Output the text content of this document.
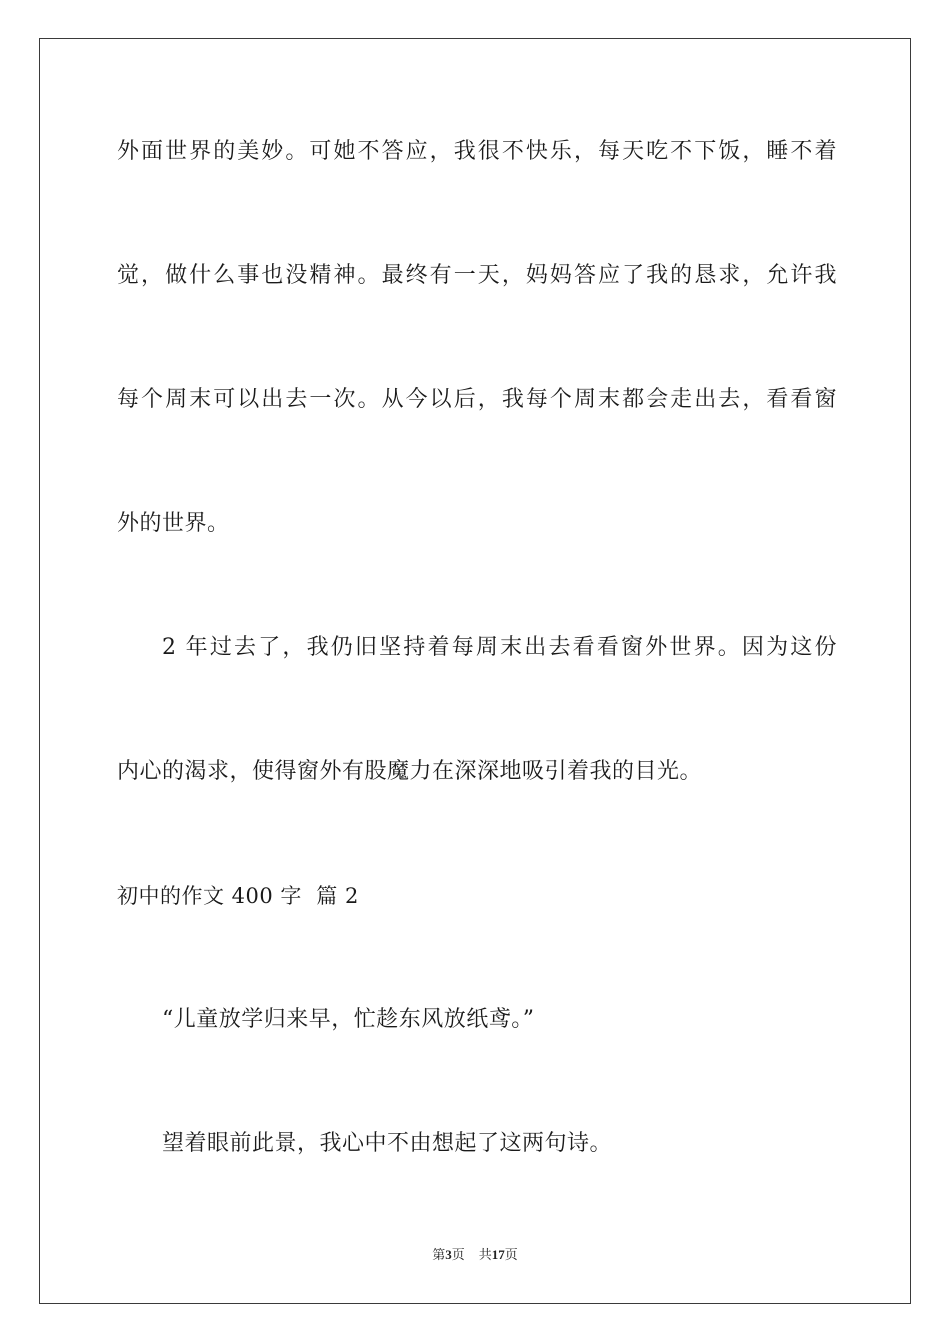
外面世界的美妙。可她不答应，我很不快乐，每天吃不下饭，睡不着
觉，做什么事也没精神。最终有一天，妈妈答应了我的恳求，允许我
每个周末可以出去一次。从今以后，我每个周末都会走出去，看看窗
外的世界。
2 年过去了，我仍旧坚持着每周末出去看看窗外世界。因为这份
内心的渴求，使得窗外有股魔力在深深地吸引着我的目光。
初中的作文 400 字  篇 2
“儿童放学归来早，忙趁东风放纸鸢。”
望着眼前此景，我心中不由想起了这两句诗。
第3页 共17页
